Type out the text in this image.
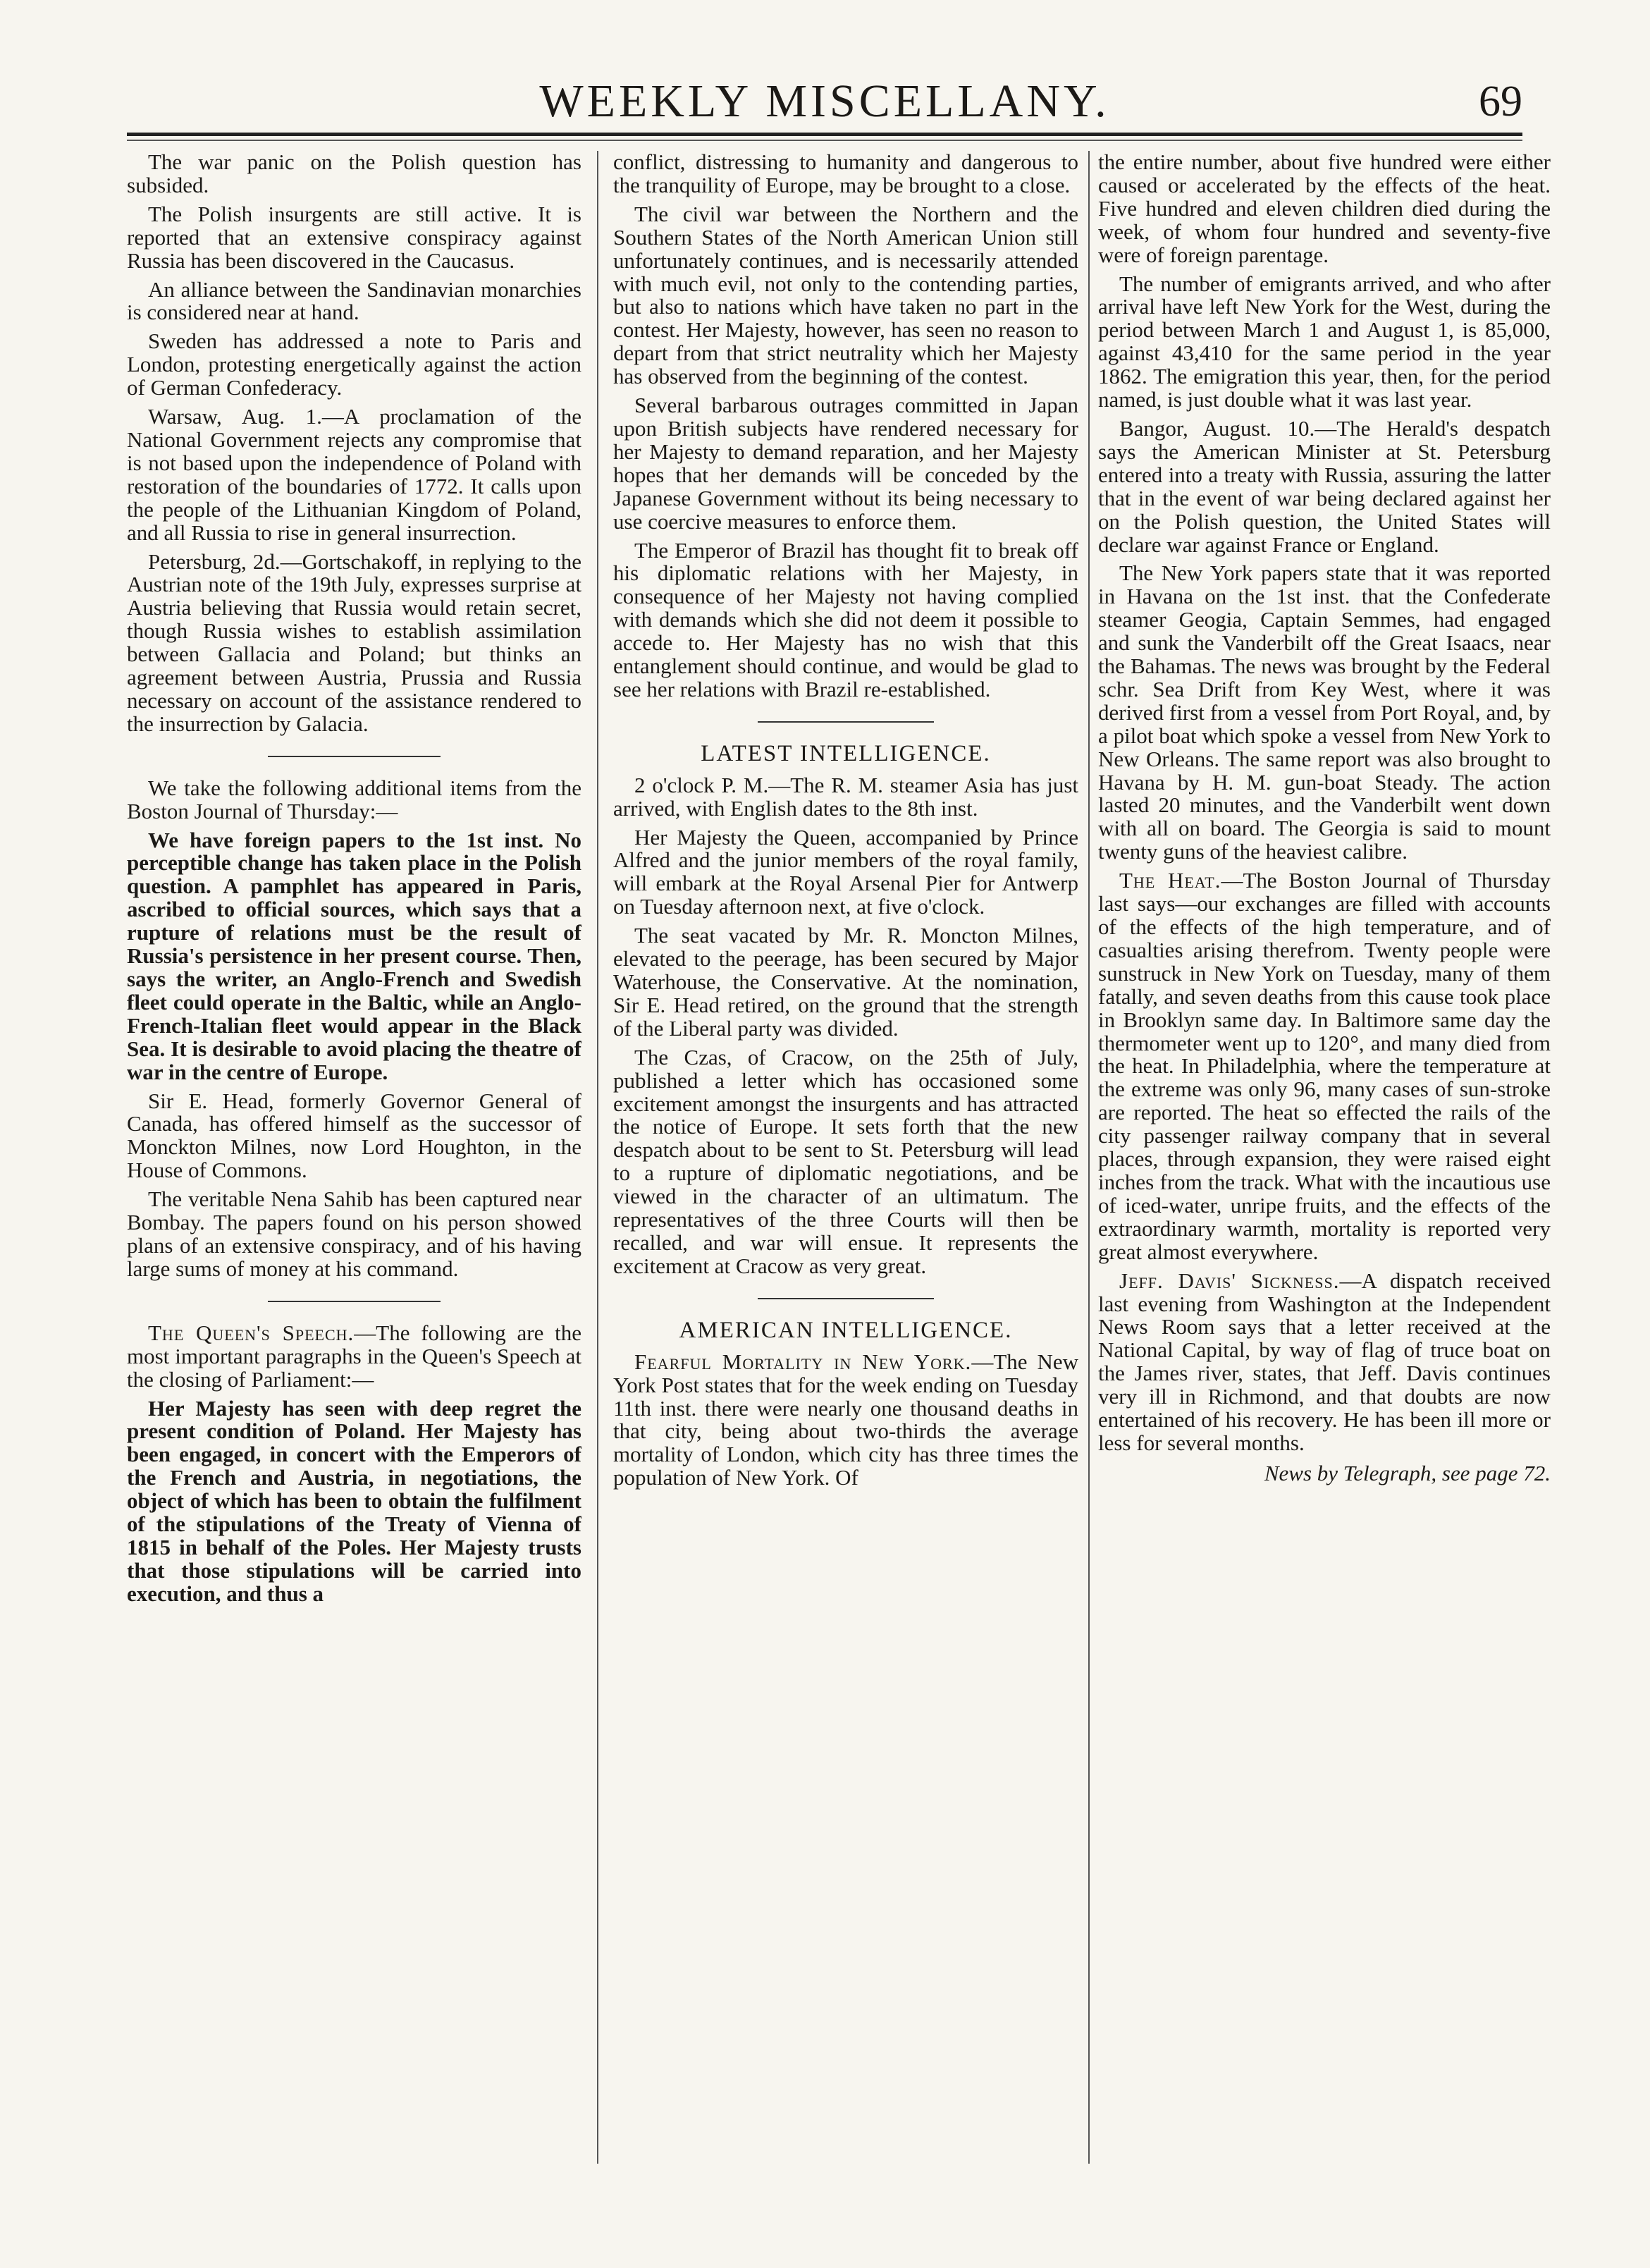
WEEKLY MISCELLANY.	69

The war panic on the Polish question has subsided.

The Polish insurgents are still active. It is reported that an extensive conspiracy against Russia has been discovered in the Caucasus.

An alliance between the Sandinavian monarchies is considered near at hand.

Sweden has addressed a note to Paris and London, protesting energetically against the action of German Confederacy.

Warsaw, Aug. 1.—A proclamation of the National Government rejects any compromise that is not based upon the independence of Poland with restoration of the boundaries of 1772. It calls upon the people of the Lithuanian Kingdom of Poland, and all Russia to rise in general insurrection.

Petersburg, 2d.—Gortschakoff, in replying to the Austrian note of the 19th July, expresses surprise at Austria believing that Russia would retain secret, though Russia wishes to establish assimilation between Gallacia and Poland; but thinks an agreement between Austria, Prussia and Russia necessary on account of the assistance rendered to the insurrection by Galacia.

We take the following additional items from the Boston Journal of Thursday:—

We have foreign papers to the 1st inst. No perceptible change has taken place in the Polish question. A pamphlet has appeared in Paris, ascribed to official sources, which says that a rupture of relations must be the result of Russia's persistence in her present course. Then, says the writer, an Anglo-French and Swedish fleet could operate in the Baltic, while an Anglo-French-Italian fleet would appear in the Black Sea. It is desirable to avoid placing the theatre of war in the centre of Europe.

Sir E. Head, formerly Governor General of Canada, has offered himself as the successor of Monckton Milnes, now Lord Houghton, in the House of Commons.

The veritable Nena Sahib has been captured near Bombay. The papers found on his person showed plans of an extensive conspiracy, and of his having large sums of money at his command.

The Queen's Speech.—The following are the most important paragraphs in the Queen's Speech at the closing of Parliament:—

Her Majesty has seen with deep regret the present condition of Poland. Her Majesty has been engaged, in concert with the Emperors of the French and Austria, in negotiations, the object of which has been to obtain the fulfilment of the stipulations of the Treaty of Vienna of 1815 in behalf of the Poles. Her Majesty trusts that those stipulations will be carried into execution, and thus a

conflict, distressing to humanity and dangerous to the tranquility of Europe, may be brought to a close.

The civil war between the Northern and the Southern States of the North American Union still unfortunately continues, and is necessarily attended with much evil, not only to the contending parties, but also to nations which have taken no part in the contest. Her Majesty, however, has seen no reason to depart from that strict neutrality which her Majesty has observed from the beginning of the contest.

Several barbarous outrages committed in Japan upon British subjects have rendered necessary for her Majesty to demand reparation, and her Majesty hopes that her demands will be conceded by the Japanese Government without its being necessary to use coercive measures to enforce them.

The Emperor of Brazil has thought fit to break off his diplomatic relations with her Majesty, in consequence of her Majesty not having complied with demands which she did not deem it possible to accede to. Her Majesty has no wish that this entanglement should continue, and would be glad to see her relations with Brazil re-established.

LATEST INTELLIGENCE.

2 o'clock P. M.—The R. M. steamer Asia has just arrived, with English dates to the 8th inst.

Her Majesty the Queen, accompanied by Prince Alfred and the junior members of the royal family, will embark at the Royal Arsenal Pier for Antwerp on Tuesday afternoon next, at five o'clock.

The seat vacated by Mr. R. Moncton Milnes, elevated to the peerage, has been secured by Major Waterhouse, the Conservative. At the nomination, Sir E. Head retired, on the ground that the strength of the Liberal party was divided.

The Czas, of Cracow, on the 25th of July, published a letter which has occasioned some excitement amongst the insurgents and has attracted the notice of Europe. It sets forth that the new despatch about to be sent to St. Petersburg will lead to a rupture of diplomatic negotiations, and be viewed in the character of an ultimatum. The representatives of the three Courts will then be recalled, and war will ensue. It represents the excitement at Cracow as very great.

AMERICAN INTELLIGENCE.

Fearful Mortality in New York.—The New York Post states that for the week ending on Tuesday 11th inst. there were nearly one thousand deaths in that city, being about two-thirds the average mortality of London, which city has three times the population of New York. Of

the entire number, about five hundred were either caused or accelerated by the effects of the heat. Five hundred and eleven children died during the week, of whom four hundred and seventy-five were of foreign parentage.

The number of emigrants arrived, and who after arrival have left New York for the West, during the period between March 1 and August 1, is 85,000, against 43,410 for the same period in the year 1862. The emigration this year, then, for the period named, is just double what it was last year.

Bangor, August. 10.—The Herald's despatch says the American Minister at St. Petersburg entered into a treaty with Russia, assuring the latter that in the event of war being declared against her on the Polish question, the United States will declare war against France or England.

The New York papers state that it was reported in Havana on the 1st inst. that the Confederate steamer Geogia, Captain Semmes, had engaged and sunk the Vanderbilt off the Great Isaacs, near the Bahamas. The news was brought by the Federal schr. Sea Drift from Key West, where it was derived first from a vessel from Port Royal, and, by a pilot boat which spoke a vessel from New York to New Orleans. The same report was also brought to Havana by H. M. gun-boat Steady. The action lasted 20 minutes, and the Vanderbilt went down with all on board. The Georgia is said to mount twenty guns of the heaviest calibre.

The Heat.—The Boston Journal of Thursday last says—our exchanges are filled with accounts of the effects of the high temperature, and of casualties arising therefrom. Twenty people were sunstruck in New York on Tuesday, many of them fatally, and seven deaths from this cause took place in Brooklyn same day. In Baltimore same day the thermometer went up to 120°, and many died from the heat. In Philadelphia, where the temperature at the extreme was only 96, many cases of sun-stroke are reported. The heat so effected the rails of the city passenger railway company that in several places, through expansion, they were raised eight inches from the track. What with the incautious use of iced-water, unripe fruits, and the effects of the extraordinary warmth, mortality is reported very great almost everywhere.

Jeff. Davis' Sickness.—A dispatch received last evening from Washington at the Independent News Room says that a letter received at the National Capital, by way of flag of truce boat on the James river, states, that Jeff. Davis continues very ill in Richmond, and that doubts are now entertained of his recovery. He has been ill more or less for several months.

News by Telegraph, see page 72.
